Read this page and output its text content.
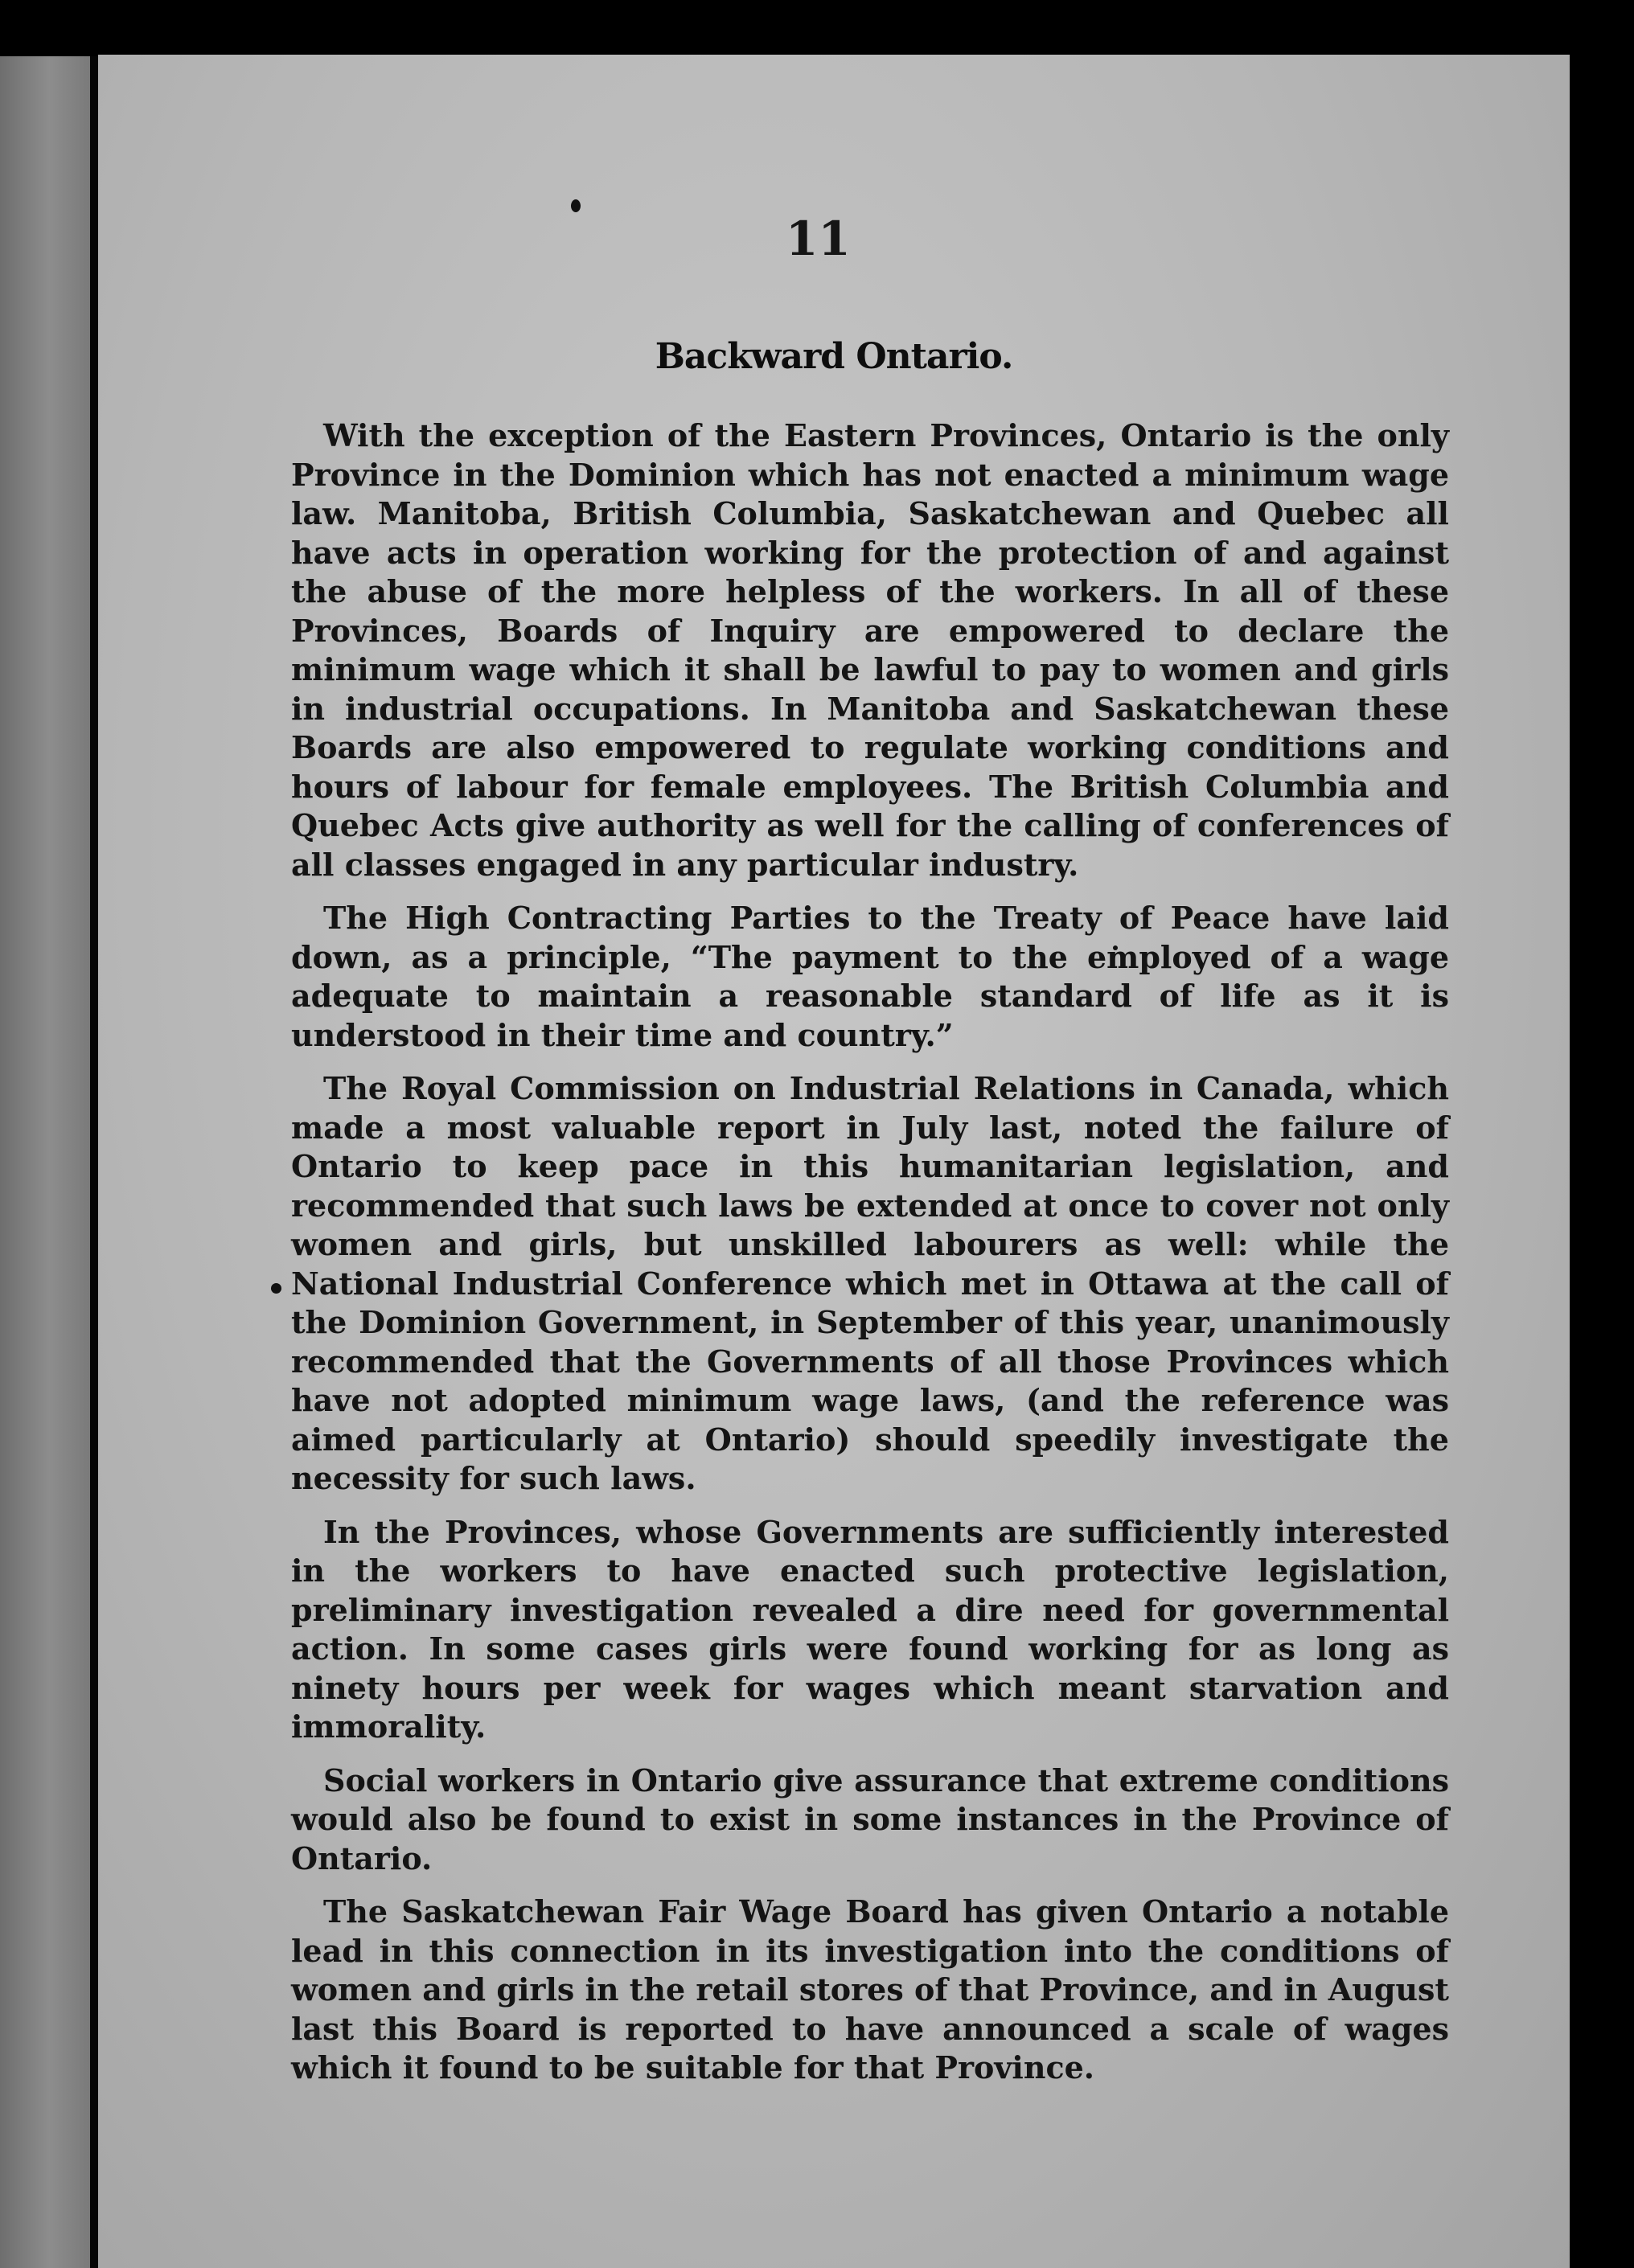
11
Backward Ontario.

With the exception of the Eastern Provinces, Ontario is the only Province in the Dominion which has not enacted a minimum wage law. Manitoba, British Columbia, Saskatchewan and Quebec all have acts in operation working for the protection of and against the abuse of the more helpless of the workers. In all of these Provinces, Boards of Inquiry are empowered to declare the minimum wage which it shall be lawful to pay to women and girls in industrial occupations. In Manitoba and Saskatchewan these Boards are also empowered to regulate working conditions and hours of labour for female employees. The British Columbia and Quebec Acts give authority as well for the calling of conferences of all classes engaged in any particular industry.

The High Contracting Parties to the Treaty of Peace have laid down, as a principle, “The payment to the employed of a wage adequate to maintain a reasonable standard of life as it is understood in their time and country.”

The Royal Commission on Industrial Relations in Canada, which made a most valuable report in July last, noted the failure of Ontario to keep pace in this humanitarian legislation, and recommended that such laws be extended at once to cover not only women and girls, but unskilled labourers as well: while the National Industrial Conference which met in Ottawa at the call of the Dominion Government, in September of this year, unanimously recommended that the Governments of all those Provinces which have not adopted minimum wage laws, (and the reference was aimed particularly at Ontario) should speedily investigate the necessity for such laws.

In the Provinces, whose Governments are sufficiently interested in the workers to have enacted such protective legislation, preliminary investigation revealed a dire need for governmental action. In some cases girls were found working for as long as ninety hours per week for wages which meant starvation and immorality.

Social workers in Ontario give assurance that extreme conditions would also be found to exist in some instances in the Province of Ontario.

The Saskatchewan Fair Wage Board has given Ontario a notable lead in this connection in its investigation into the conditions of women and girls in the retail stores of that Province, and in August last this Board is reported to have announced a scale of wages which it found to be suitable for that Province.
